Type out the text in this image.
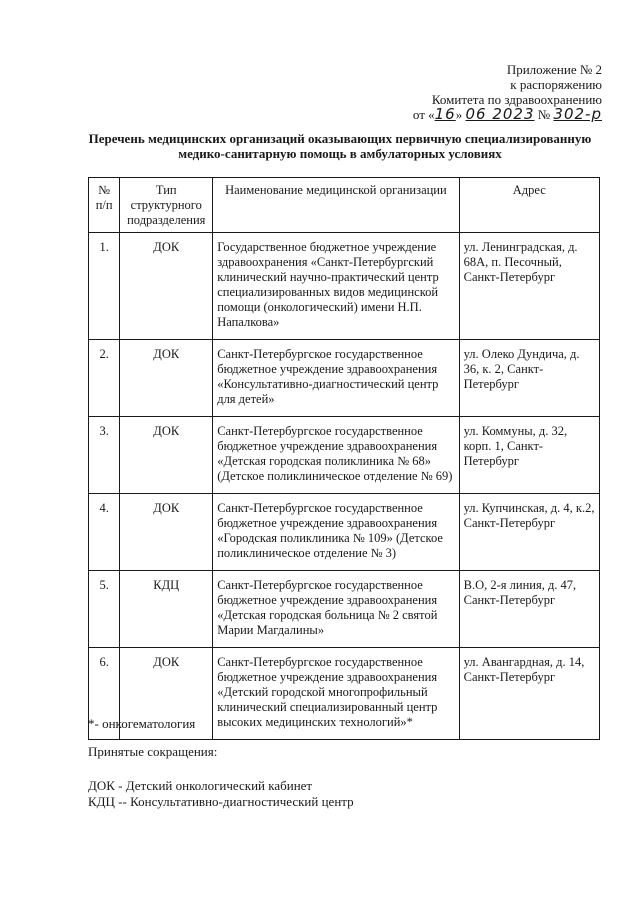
Приложение № 2
к распоряжению
Комитета по здравоохранению
от «16» 06 2023 № 302-р
Перечень медицинских организаций оказывающих первичную специализированную
медико-санитарную помощь в амбулаторных условиях
№ п/п	Тип структурного подразделения	Наименование медицинской организации	Адрес
1.	ДОК	Государственное бюджетное учреждение здравоохранения «Санкт-Петербургский клинический научно-практический центр специализированных видов медицинской помощи (онкологический) имени Н.П. Напалкова»	ул. Ленинградская, д. 68А, п. Песочный, Санкт-Петербург
2.	ДОК	Санкт-Петербургское государственное бюджетное учреждение здравоохранения «Консультативно-диагностический центр для детей»	ул. Олеко Дундича, д. 36, к. 2, Санкт-Петербург
3.	ДОК	Санкт-Петербургское государственное бюджетное учреждение здравоохранения «Детская городская поликлиника № 68» (Детское поликлиническое отделение № 69)	ул. Коммуны, д. 32, корп. 1, Санкт-Петербург
4.	ДОК	Санкт-Петербургское государственное бюджетное учреждение здравоохранения «Городская поликлиника № 109» (Детское поликлиническое отделение № 3)	ул. Купчинская, д. 4, к.2, Санкт-Петербург
5.	КДЦ	Санкт-Петербургское государственное бюджетное учреждение здравоохранения «Детская городская больница № 2 святой Марии Магдалины»	В.О, 2-я линия, д. 47, Санкт-Петербург
6.	ДОК	Санкт-Петербургское государственное бюджетное учреждение здравоохранения «Детский городской многопрофильный клинический специализированный центр высоких медицинских технологий»*	ул. Авангардная, д. 14, Санкт-Петербург
*- онкогематология
Принятые сокращения:
ДОК - Детский онкологический кабинет
КДЦ -- Консультативно-диагностический центр
